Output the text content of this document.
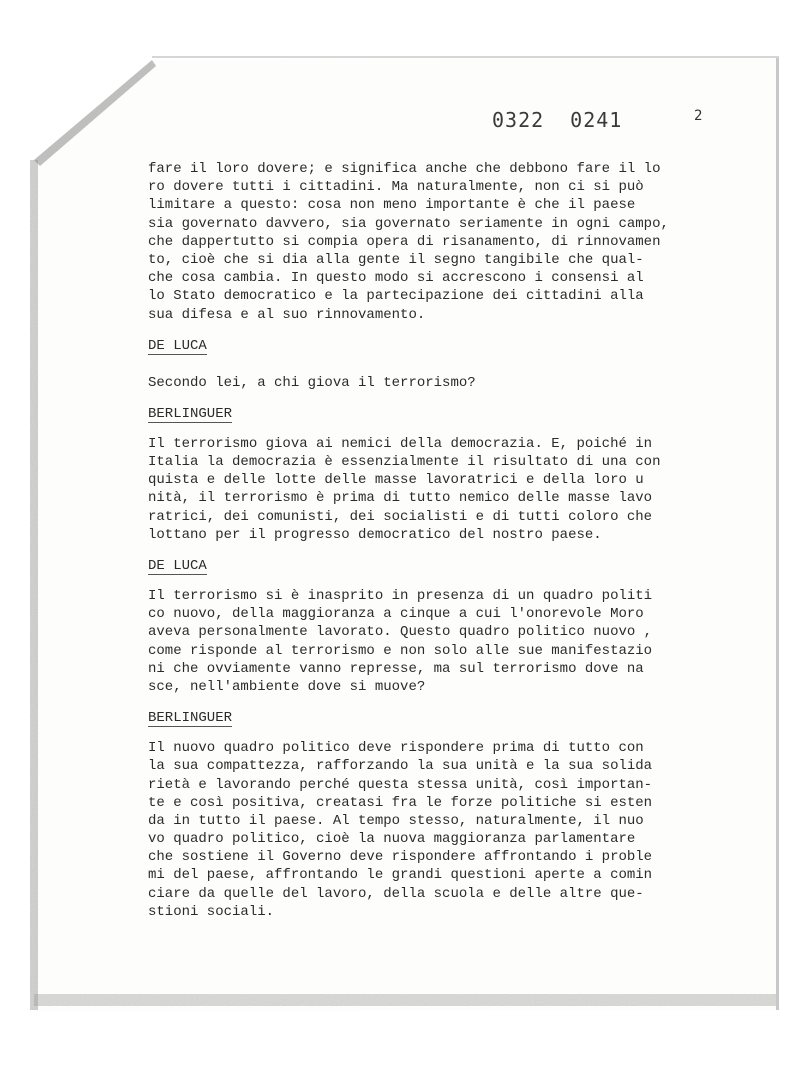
0322 0241	2
fare il loro dovere; e significa anche che debbono fare il lo
ro dovere tutti i cittadini. Ma naturalmente, non ci si può
limitare a questo: cosa non meno importante è che il paese
sia governato davvero, sia governato seriamente in ogni campo,
che dappertutto si compia opera di risanamento, di rinnovamen
to, cioè che si dia alla gente il segno tangibile che qual-
che cosa cambia. In questo modo si accrescono i consensi al
lo Stato democratico e la partecipazione dei cittadini alla
sua difesa e al suo rinnovamento.
DE LUCA
Secondo lei, a chi giova il terrorismo?
BERLINGUER
Il terrorismo giova ai nemici della democrazia. E, poiché in
Italia la democrazia è essenzialmente il risultato di una con
quista e delle lotte delle masse lavoratrici e della loro u
nità, il terrorismo è prima di tutto nemico delle masse lavo
ratrici, dei comunisti, dei socialisti e di tutti coloro che
lottano per il progresso democratico del nostro paese.
DE LUCA
Il terrorismo si è inasprito in presenza di un quadro politi
co nuovo, della maggioranza a cinque a cui l'onorevole Moro
aveva personalmente lavorato. Questo quadro politico nuovo ,
come risponde al terrorismo e non solo alle sue manifestazio
ni che ovviamente vanno represse, ma sul terrorismo dove na
sce, nell'ambiente dove si muove?
BERLINGUER
Il nuovo quadro politico deve rispondere prima di tutto con
la sua compattezza, rafforzando la sua unità e la sua solida
rietà e lavorando perché questa stessa unità, così importan-
te e così positiva, creatasi fra le forze politiche si esten
da in tutto il paese. Al tempo stesso, naturalmente, il nuo
vo quadro politico, cioè la nuova maggioranza parlamentare
che sostiene il Governo deve rispondere affrontando i proble
mi del paese, affrontando le grandi questioni aperte a comin
ciare da quelle del lavoro, della scuola e delle altre que-
stioni sociali.
